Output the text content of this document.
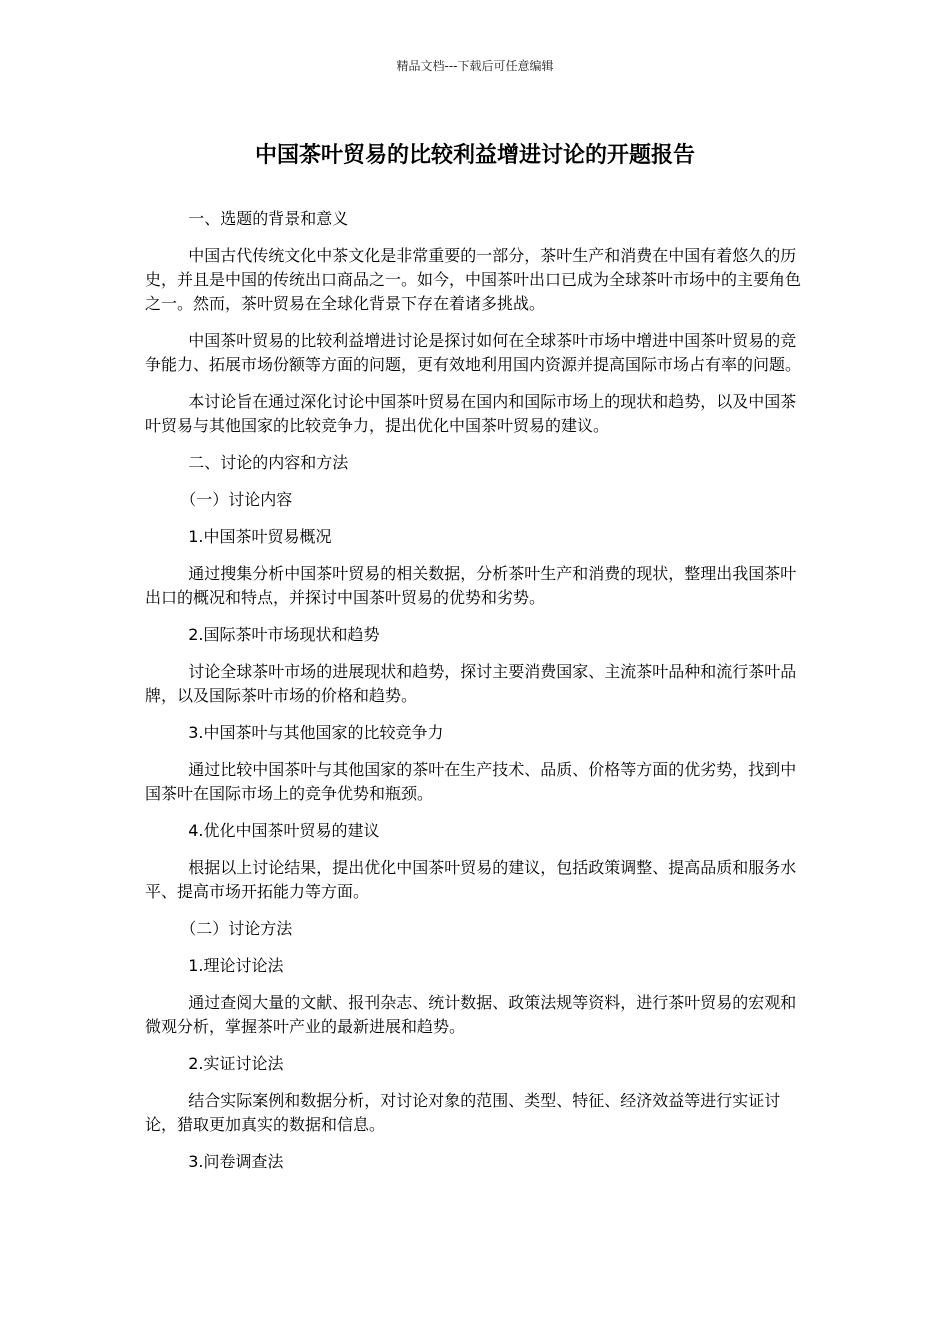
精品文档---下载后可任意编辑
中国茶叶贸易的比较利益增进讨论的开题报告

一、选题的背景和意义

中国古代传统文化中茶文化是非常重要的一部分，茶叶生产和消费在中国有着悠久的历史，并且是中国的传统出口商品之一。如今，中国茶叶出口已成为全球茶叶市场中的主要角色之一。然而，茶叶贸易在全球化背景下存在着诸多挑战。

中国茶叶贸易的比较利益增进讨论是探讨如何在全球茶叶市场中增进中国茶叶贸易的竞争能力、拓展市场份额等方面的问题，更有效地利用国内资源并提高国际市场占有率的问题。

本讨论旨在通过深化讨论中国茶叶贸易在国内和国际市场上的现状和趋势，以及中国茶叶贸易与其他国家的比较竞争力，提出优化中国茶叶贸易的建议。

二、讨论的内容和方法

（一）讨论内容

1.中国茶叶贸易概况

通过搜集分析中国茶叶贸易的相关数据，分析茶叶生产和消费的现状，整理出我国茶叶出口的概况和特点，并探讨中国茶叶贸易的优势和劣势。

2.国际茶叶市场现状和趋势

讨论全球茶叶市场的进展现状和趋势，探讨主要消费国家、主流茶叶品种和流行茶叶品牌，以及国际茶叶市场的价格和趋势。

3.中国茶叶与其他国家的比较竞争力

通过比较中国茶叶与其他国家的茶叶在生产技术、品质、价格等方面的优劣势，找到中国茶叶在国际市场上的竞争优势和瓶颈。

4.优化中国茶叶贸易的建议

根据以上讨论结果，提出优化中国茶叶贸易的建议，包括政策调整、提高品质和服务水平、提高市场开拓能力等方面。

（二）讨论方法

1.理论讨论法

通过查阅大量的文献、报刊杂志、统计数据、政策法规等资料，进行茶叶贸易的宏观和微观分析，掌握茶叶产业的最新进展和趋势。

2.实证讨论法

结合实际案例和数据分析，对讨论对象的范围、类型、特征、经济效益等进行实证讨论，猎取更加真实的数据和信息。

3.问卷调查法
